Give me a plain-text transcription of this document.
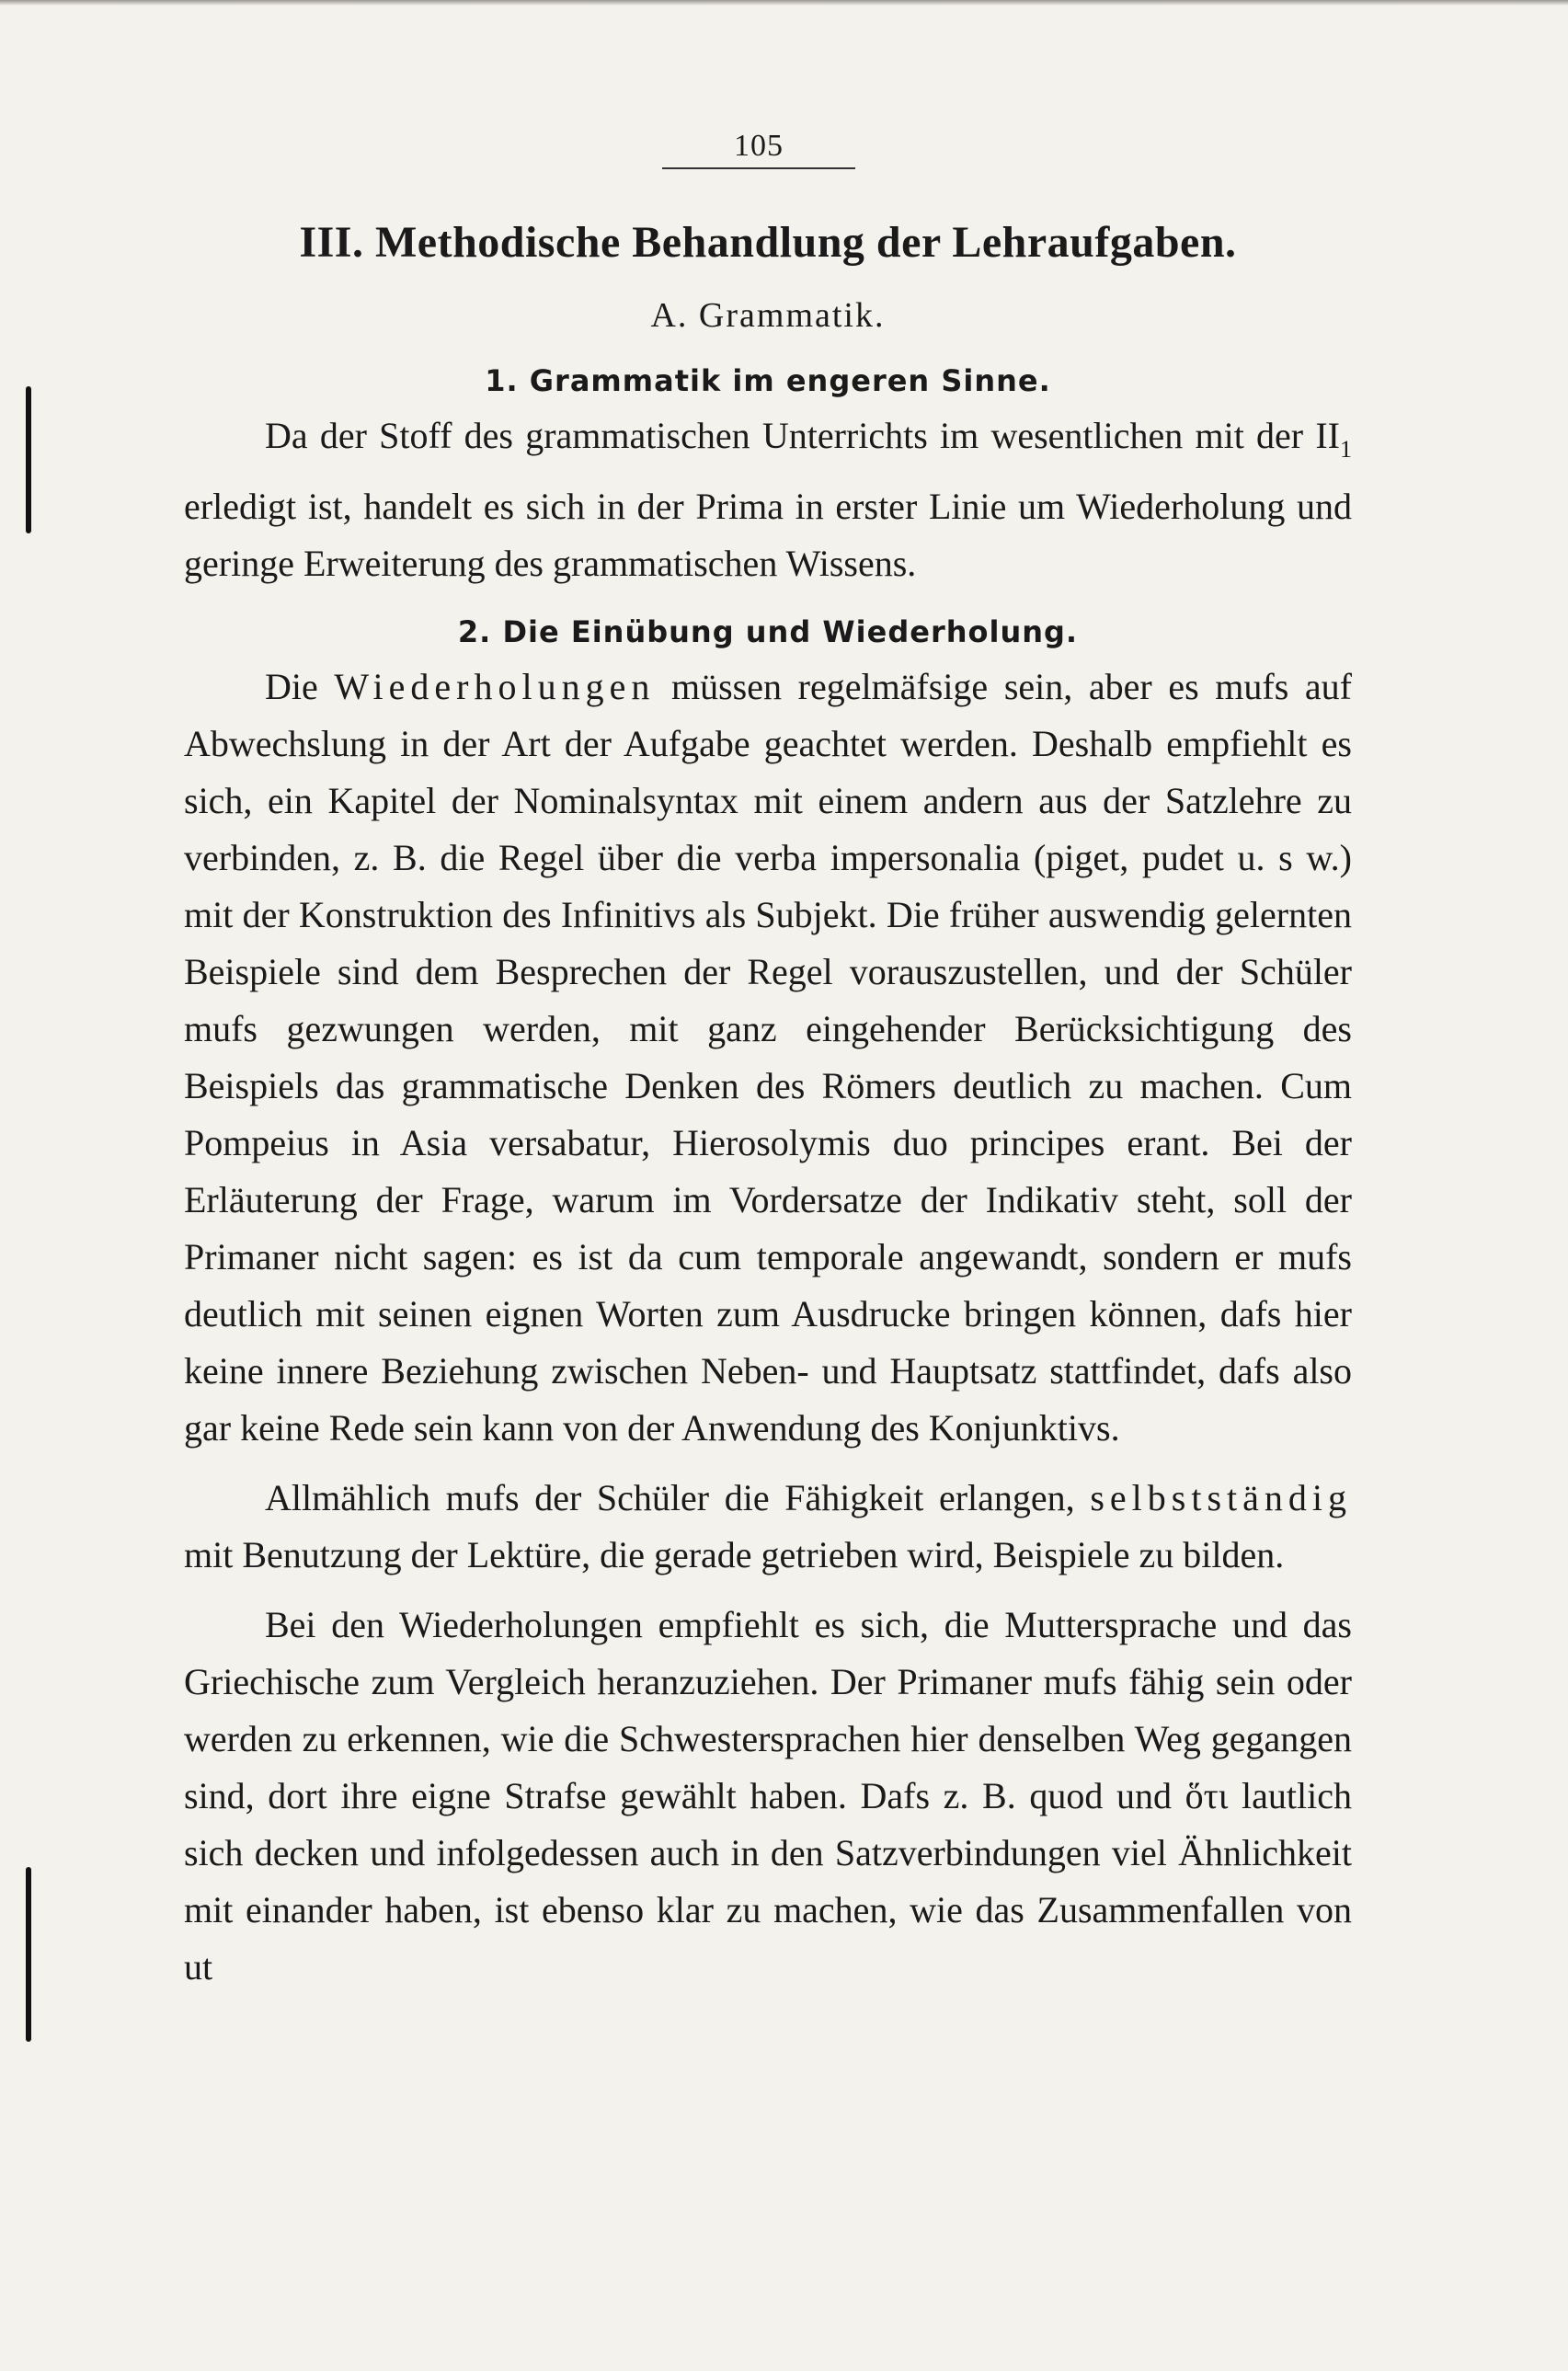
105
III. Methodische Behandlung der Lehraufgaben.
A. Grammatik.
1. Grammatik im engeren Sinne.

Da der Stoff des grammatischen Unterrichts im wesentlichen mit der $II_1$ erledigt ist, handelt es sich in der Prima in erster Linie um Wiederholung und geringe Erweiterung des grammatischen Wissens.

2. Die Einübung und Wiederholung.

Die Wiederholungen müssen regelmäfsige sein, aber es mufs auf Abwechslung in der Art der Aufgabe geachtet werden. Deshalb empfiehlt es sich, ein Kapitel der Nominalsyntax mit einem andern aus der Satzlehre zu verbinden, z. B. die Regel über die verba impersonalia (piget, pudet u. s w.) mit der Konstruktion des Infinitivs als Subjekt. Die früher auswendig gelernten Beispiele sind dem Besprechen der Regel vorauszustellen, und der Schüler mufs gezwungen werden, mit ganz eingehender Berücksichtigung des Beispiels das grammatische Denken des Römers deutlich zu machen. Cum Pompeius in Asia versabatur, Hierosolymis duo principes erant. Bei der Erläuterung der Frage, warum im Vordersatze der Indikativ steht, soll der Primaner nicht sagen: es ist da cum temporale angewandt, sondern er mufs deutlich mit seinen eignen Worten zum Ausdrucke bringen können, dafs hier keine innere Beziehung zwischen Neben- und Hauptsatz stattfindet, dafs also gar keine Rede sein kann von der Anwendung des Konjunktivs.

Allmählich mufs der Schüler die Fähigkeit erlangen, selbstständig mit Benutzung der Lektüre, die gerade getrieben wird, Beispiele zu bilden.

Bei den Wiederholungen empfiehlt es sich, die Muttersprache und das Griechische zum Vergleich heranzuziehen. Der Primaner mufs fähig sein oder werden zu erkennen, wie die Schwestersprachen hier denselben Weg gegangen sind, dort ihre eigne Strafse gewählt haben. Dafs z. B. quod und ὅτι lautlich sich decken und infolgedessen auch in den Satzverbindungen viel Ähnlichkeit mit einander haben, ist ebenso klar zu machen, wie das Zusammenfallen von ut
